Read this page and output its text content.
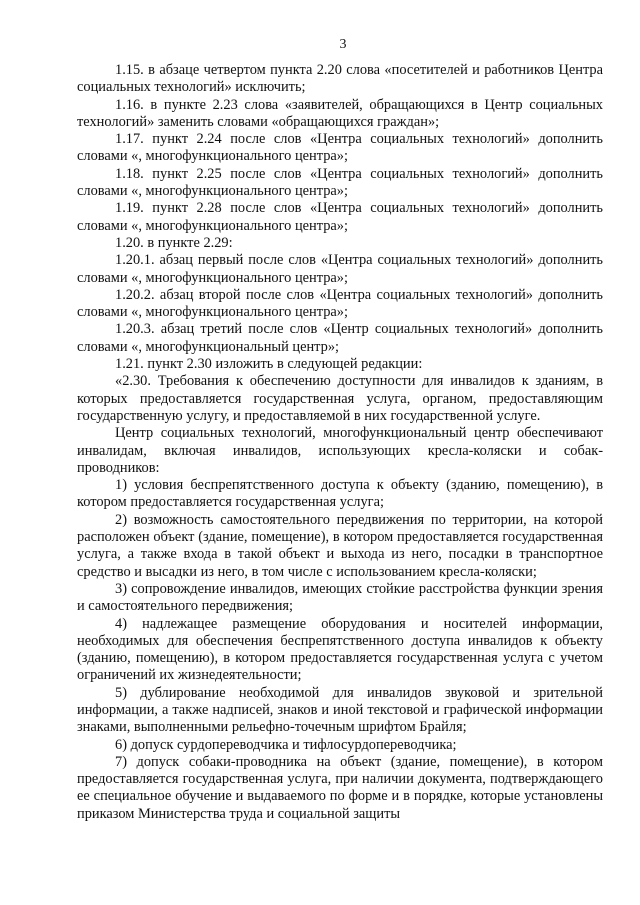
3

1.15. в абзаце четвертом пункта 2.20 слова «посетителей и работников Центра социальных технологий» исключить;

1.16. в пункте 2.23 слова «заявителей, обращающихся в Центр социальных технологий» заменить словами «обращающихся граждан»;

1.17. пункт 2.24 после слов «Центра социальных технологий» дополнить словами «, многофункционального центра»;

1.18. пункт 2.25 после слов «Центра социальных технологий» дополнить словами «, многофункционального центра»;

1.19. пункт 2.28 после слов «Центра социальных технологий» дополнить словами «, многофункционального центра»;

1.20. в пункте 2.29:

1.20.1. абзац первый после слов «Центра социальных технологий» дополнить словами «, многофункционального центра»;

1.20.2. абзац второй после слов «Центра социальных технологий» дополнить словами «, многофункционального центра»;

1.20.3. абзац третий после слов «Центр социальных технологий» дополнить словами «, многофункциональный центр»;

1.21. пункт 2.30 изложить в следующей редакции:

«2.30. Требования к обеспечению доступности для инвалидов к зданиям, в которых предоставляется государственная услуга, органом, предоставляющим государственную услугу, и предоставляемой в них государственной услуге.

Центр социальных технологий, многофункциональный центр обеспечивают инвалидам, включая инвалидов, использующих кресла-коляски и собак-проводников:

1) условия беспрепятственного доступа к объекту (зданию, помещению), в котором предоставляется государственная услуга;

2) возможность самостоятельного передвижения по территории, на которой расположен объект (здание, помещение), в котором предоставляется государственная услуга, а также входа в такой объект и выхода из него, посадки в транспортное средство и высадки из него, в том числе с использованием кресла-коляски;

3) сопровождение инвалидов, имеющих стойкие расстройства функции зрения и самостоятельного передвижения;

4) надлежащее размещение оборудования и носителей информации, необходимых для обеспечения беспрепятственного доступа инвалидов к объекту (зданию, помещению), в котором предоставляется государственная услуга с учетом ограничений их жизнедеятельности;

5) дублирование необходимой для инвалидов звуковой и зрительной информации, а также надписей, знаков и иной текстовой и графической информации знаками, выполненными рельефно-точечным шрифтом Брайля;

6) допуск сурдопереводчика и тифлосурдопереводчика;

7) допуск собаки-проводника на объект (здание, помещение), в котором предоставляется государственная услуга, при наличии документа, подтверждающего ее специальное обучение и выдаваемого по форме и в порядке, которые установлены приказом Министерства труда и социальной защиты
